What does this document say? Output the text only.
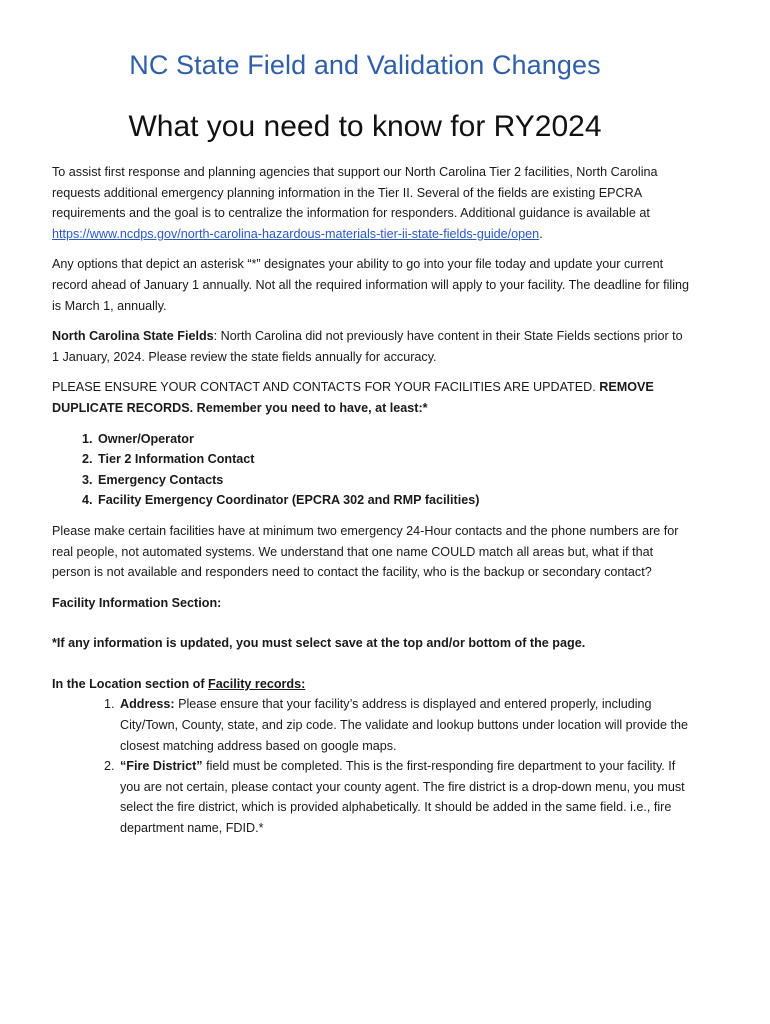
NC State Field and Validation Changes
What you need to know for RY2024

To assist first response and planning agencies that support our North Carolina Tier 2 facilities, North Carolina requests additional emergency planning information in the Tier II. Several of the fields are existing EPCRA requirements and the goal is to centralize the information for responders. Additional guidance is available at https://www.ncdps.gov/north-carolina-hazardous-materials-tier-ii-state-fields-guide/open.

Any options that depict an asterisk “*” designates your ability to go into your file today and update your current record ahead of January 1 annually. Not all the required information will apply to your facility. The deadline for filing is March 1, annually.

North Carolina State Fields: North Carolina did not previously have content in their State Fields sections prior to 1 January, 2024. Please review the state fields annually for accuracy.

PLEASE ENSURE YOUR CONTACT AND CONTACTS FOR YOUR FACILITIES ARE UPDATED. REMOVE DUPLICATE RECORDS. Remember you need to have, at least:*

1. Owner/Operator
2. Tier 2 Information Contact
3. Emergency Contacts
4. Facility Emergency Coordinator (EPCRA 302 and RMP facilities)

Please make certain facilities have at minimum two emergency 24-Hour contacts and the phone numbers are for real people, not automated systems. We understand that one name COULD match all areas but, what if that person is not available and responders need to contact the facility, who is the backup or secondary contact?

Facility Information Section:

*If any information is updated, you must select save at the top and/or bottom of the page.

In the Location section of Facility records:

1. Address: Please ensure that your facility’s address is displayed and entered properly, including City/Town, County, state, and zip code. The validate and lookup buttons under location will provide the closest matching address based on google maps.
2. “Fire District” field must be completed. This is the first-responding fire department to your facility. If you are not certain, please contact your county agent. The fire district is a drop-down menu, you must select the fire district, which is provided alphabetically. It should be added in the same field. i.e., fire department name, FDID.*
